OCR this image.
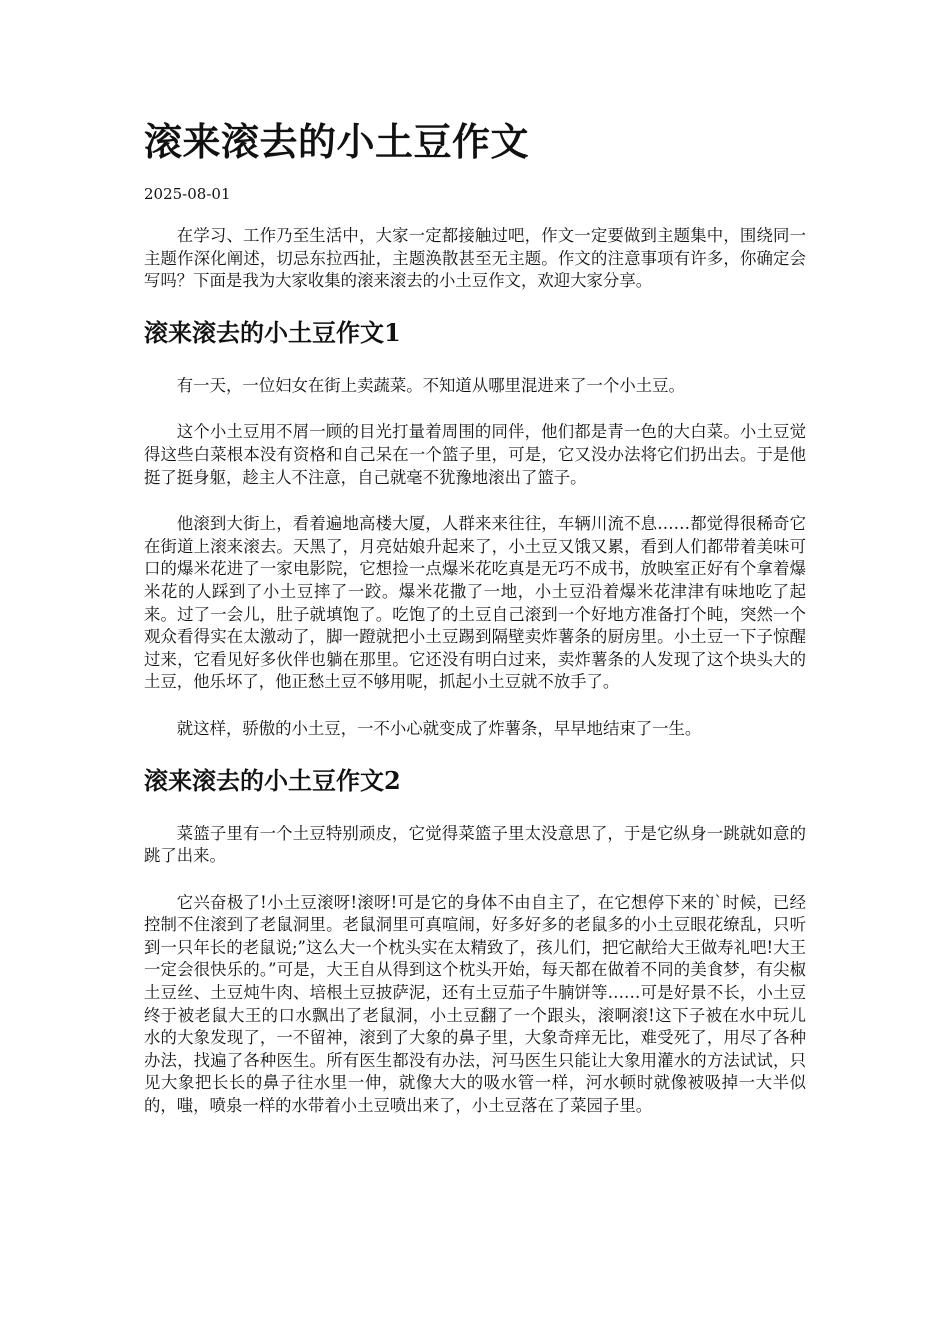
滚来滚去的小土豆作文
2025-08-01

在学习、工作乃至生活中，大家一定都接触过吧，作文一定要做到主题集中，围绕同一主题作深化阐述，切忌东拉西扯，主题涣散甚至无主题。作文的注意事项有许多，你确定会写吗？下面是我为大家收集的滚来滚去的小土豆作文，欢迎大家分享。

滚来滚去的小土豆作文1

有一天，一位妇女在街上卖蔬菜。不知道从哪里混进来了一个小土豆。

这个小土豆用不屑一顾的目光打量着周围的同伴，他们都是青一色的大白菜。小土豆觉得这些白菜根本没有资格和自己呆在一个篮子里，可是，它又没办法将它们扔出去。于是他挺了挺身躯，趁主人不注意，自己就毫不犹豫地滚出了篮子。

他滚到大街上，看着遍地高楼大厦，人群来来往往，车辆川流不息……都觉得很稀奇它在街道上滚来滚去。天黑了，月亮姑娘升起来了，小土豆又饿又累，看到人们都带着美味可口的爆米花进了一家电影院，它想捡一点爆米花吃真是无巧不成书，放映室正好有个拿着爆米花的人踩到了小土豆摔了一跤。爆米花撒了一地，小土豆沿着爆米花津津有味地吃了起来。过了一会儿，肚子就填饱了。吃饱了的土豆自己滚到一个好地方准备打个盹，突然一个观众看得实在太激动了，脚一蹬就把小土豆踢到隔壁卖炸薯条的厨房里。小土豆一下子惊醒过来，它看见好多伙伴也躺在那里。它还没有明白过来，卖炸薯条的人发现了这个块头大的土豆，他乐坏了，他正愁土豆不够用呢，抓起小土豆就不放手了。

就这样，骄傲的小土豆，一不小心就变成了炸薯条，早早地结束了一生。

滚来滚去的小土豆作文2

菜篮子里有一个土豆特别顽皮，它觉得菜篮子里太没意思了，于是它纵身一跳就如意的跳了出来。

它兴奋极了!小土豆滚呀!滚呀!可是它的身体不由自主了，在它想停下来的`时候，已经控制不住滚到了老鼠洞里。老鼠洞里可真喧闹，好多好多的老鼠多的小土豆眼花缭乱，只听到一只年长的老鼠说;”这么大一个枕头实在太精致了，孩儿们，把它献给大王做寿礼吧!大王一定会很快乐的。”可是，大王自从得到这个枕头开始，每天都在做着不同的美食梦，有尖椒土豆丝、土豆炖牛肉、培根土豆披萨泥，还有土豆茄子牛腩饼等……可是好景不长，小土豆终于被老鼠大王的口水飘出了老鼠洞，小土豆翻了一个跟头，滚啊滚!这下子被在水中玩儿水的大象发现了，一不留神，滚到了大象的鼻子里，大象奇痒无比，难受死了，用尽了各种办法，找遍了各种医生。所有医生都没有办法，河马医生只能让大象用灌水的方法试试，只见大象把长长的鼻子往水里一伸，就像大大的吸水管一样，河水顿时就像被吸掉一大半似的，嗤，喷泉一样的水带着小土豆喷出来了，小土豆落在了菜园子里。
